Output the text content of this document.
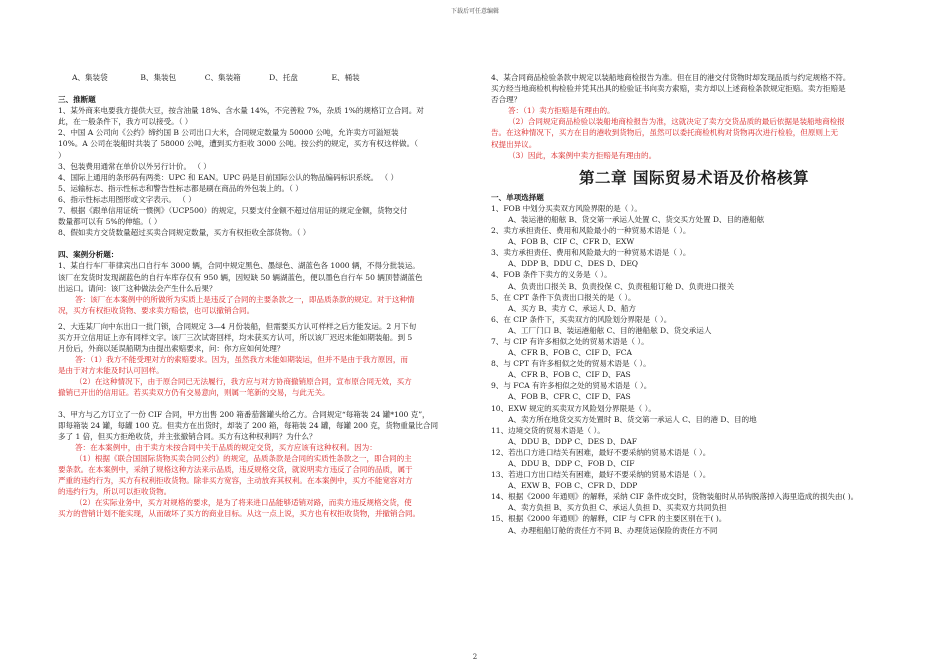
下载后可任意编辑
A、集装袋	B、集装包	C、集装箱	D、托盘	E、桶装
三、推断题
1、某外商来电要我方提供大豆，按含油量 18%、含水量 14%，不完善粒 7%，杂质 1%的规格订立合同。对
此，在一般条件下，我方可以接受。（ ）
2、中国 A 公司向《公约》缔约国 B 公司出口大米，合同规定数量为 50000 公吨，允许卖方可溢短装
10%。A 公司在装船时共装了 58000 公吨，遭到买方拒收 3000 公吨。按公约的规定，买方有权这样做。（
）
3、包装费用通常在单价以外另行计价。 （ ）
4、国际上通用的条形码有两类：UPC 和 EAN。UPC 码是目前国际公认的物品编码标识系统。 （ ）
5、运输标志、指示性标志和警告性标志都是刷在商品的外包装上的。（ ）
6、指示性标志用图形或文字表示。 （ ）
7、根据《跟单信用证统一惯例》（UCP500）的规定，只要支付金额不超过信用证的规定金额，货物交付
数量都可以有 5%的伸缩。（ ）
8、假如卖方交货数量超过买卖合同规定数量，买方有权拒收全部货物。（ ）
四、案例分析题：
1、某自行车厂菲律宾出口自行车 3000 辆，合同中规定黑色、墨绿色、湖蓝色各 1000 辆，不得分批装运。
该厂在发货时发现湖蓝色的自行车库存仅有 950 辆，因短缺 50 辆湖蓝色，便以墨色自行车 50 辆顶替湖蓝色
出运口。请问：该厂这种做法会产生什么后果？
答：该厂在本案例中的所做所为实质上是违反了合同的主要条款之一，即品质条款的规定。对于这种情
况，买方有权拒收货物、要求卖方赔偿，也可以撤销合同。
2、大连某厂向中东出口一批门锁，合同规定 3—4 月份装船，但需要买方认可样样之后方能发运。2 月下旬
买方开立信用证上亦有同样文字。该厂三次试寄回样，均未获买方认可，所以该厂迟迟未能如期装船。到 5
月份后，外商以延误船期为由提出索赔要求，问：你方应如何处理？
答：（1）我方不能受理对方的索赔要求。因为，虽然我方未能如期装运，但并不是由于我方原因，而
是由于对方未能及时认可回样。
（2）在这种情况下，由于原合同已无法履行，我方应与对方协商撤销原合同，宣布原合同无效，买方
撤销已开出的信用证。若买卖双方仍有交易意向，则属一笔新的交易，与此无关。
3、甲方与乙方订立了一份 CIF 合同，甲方出售 200 箱番茄酱罐头给乙方。合同规定“每箱装 24 罐*100 克”，
即每箱装 24 罐，每罐 100 克。但卖方在出货时，却装了 200 箱，每箱装 24 罐，每罐 200 克，货物重量比合同
多了 1 倍，但买方拒绝收货，并主张撤销合同。买方有这种权利吗？为什么？
答：在本案例中，由于卖方未按合同中关于品质的规定交货，买方应该有这种权利。因为：
（1）根据《联合国国际货物买卖合同公约》的规定，品质条款是合同的实质性条款之一，即合同的主
要条款。在本案例中，采纳了规格这种方法来示品质，违反规格交货，就说明卖方违反了合同的品质，属于
严重的违约行为，买方有权利拒收货物。除非买方宽容，主动放弃其权利。在本案例中，买方不能宽容对方
的违约行为，所以可以拒收货物。
（2）在实际业务中，买方对规格的要求，是为了将来进口品能够适销对路，而卖方违反规格交货，使
买方的营销计划不能实现，从而破坏了买方的商业目标。从这一点上说，买方也有权拒收货物，并撤销合同。
4、某合同商品检验条款中规定以装船地商检报告为准。但在目的港交付货物时却发现品质与约定规格不符。
买方经当地商检机构检验并凭其出具的检验证书向卖方索赔，卖方却以上述商检条款规定拒赔。卖方拒赔是
否合理？
答：（1）卖方拒赔是有理由的。
（2）合同规定商品检验以装船地商检报告为准，这就决定了卖方交货品质的最后依据是装船地商检报
告。在这种情况下，买方在目的港收到货物后，虽然可以委托商检机构对货物再次进行检验，但原则上无
权提出异议。
（3）因此，本案例中卖方拒赔是有理由的。
第二章 国际贸易术语及价格核算
一、单项选择题
1、FOB 中划分买卖双方风险界限的是（ ）。
A、装运港的船舷 B、货交第一承运人处置 C、货交买方处置 D、目的港船舷
2、卖方承担责任、费用和风险最小的一种贸易术语是（ ）。
A、FOB B、CIF C、CFR D、EXW
3、卖方承担责任、费用和风险最大的一种贸易术语是（ ）。
A、DDP B、DDU C、DES D、DEQ
4、FOB 条件下卖方的义务是（ ）。
A、负责出口报关 B、负责投保 C、负责租船订舱 D、负责进口报关
5、在 CPT 条件下负责出口报关的是（ ）。
A、买方 B、卖方 C、承运人 D、船方
6、在 CIP 条件下，买卖双方的风险划分界限是（ ）。
A、工厂门口 B、装运港船舷 C、目的港船舷 D、货交承运人
7、与 CIP 有许多相似之处的贸易术语是（ ）。
A、CFR B、FOB C、CIF D、FCA
8、与 CPT 有许多相似之处的贸易术语是（ ）。
A、CFR B、FOB C、CIF D、FAS
9、与 FCA 有许多相似之处的贸易术语是（ ）。
A、FOB B、CFR C、CIF D、FAS
10、EXW 规定的买卖双方风险划分界限是（ ）。
A、卖方所在地货交买方处置时 B、货交第一承运人 C、目的港 D、目的地
11、边境交货的贸易术语是（ ）。
A、DDU B、DDP C、DES D、DAF
12、若出口方进口结关有困难，最好不要采纳的贸易术语是（ ）。
A、DDU B、DDP C、FOB D、CIF
13、若进口方出口结关有困难，最好不要采纳的贸易术语是（ ）。
A、EXW B、FOB C、CFR D、DDP
14、根据《2000 年通则》的解释，采纳 CIF 条件成交时，货物装船时从吊钩脱落掉入海里造成的损失由( )。
A、卖方负担 B、买方负担 C、承运人负担 D、买卖双方共同负担
15、根据《2000 年通则》的解释，CIF 与 CFR 的主要区别在于( )。
A、办理租船订舱的责任方不同 B、办理货运保险的责任方不同
2
